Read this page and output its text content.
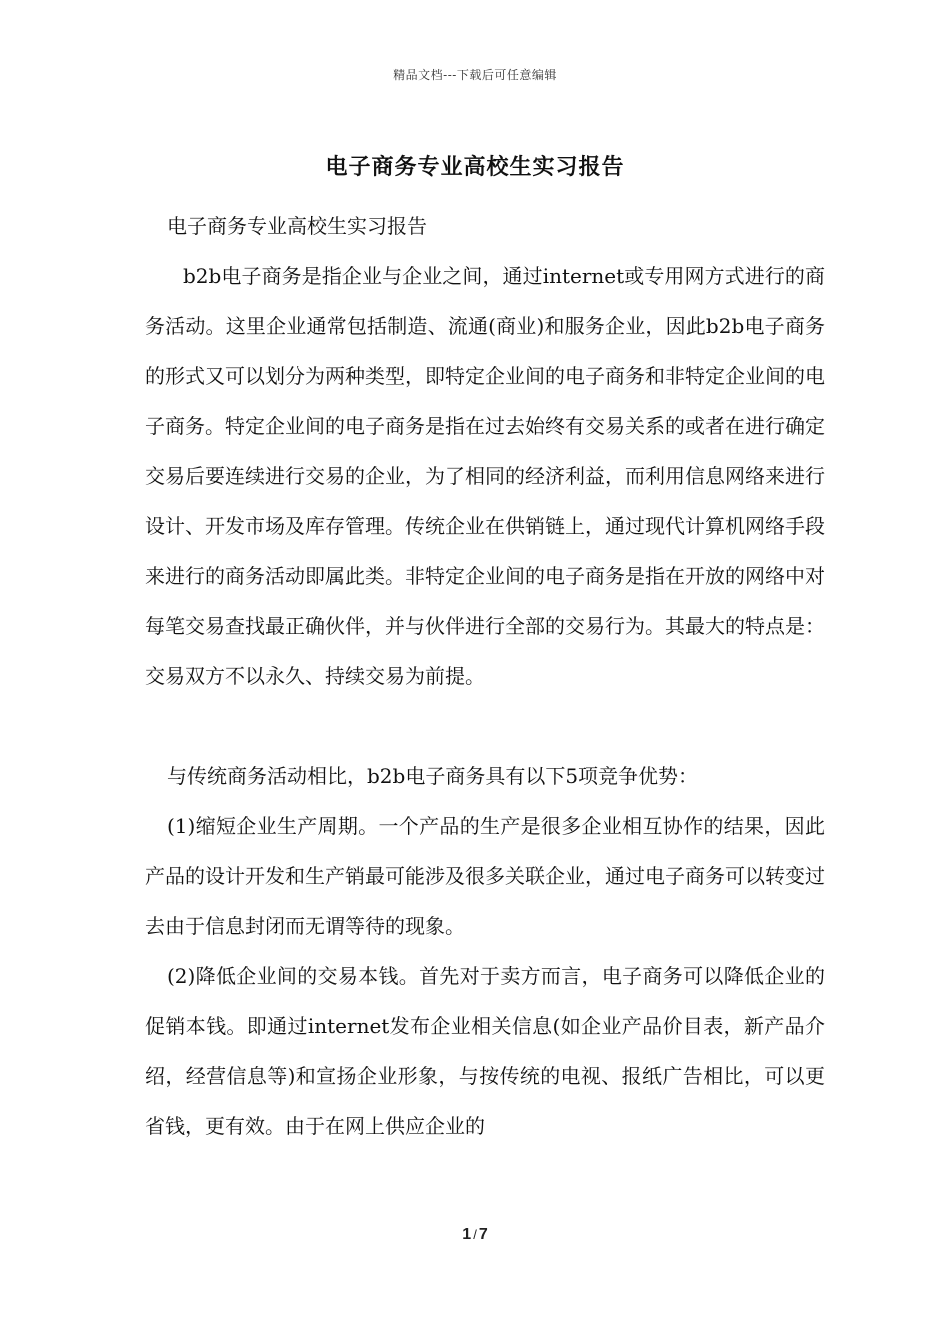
精品文档---下载后可任意编辑
电子商务专业高校生实习报告

电子商务专业高校生实习报告

b2b电子商务是指企业与企业之间，通过internet或专用网方式进行的商务活动。这里企业通常包括制造、流通(商业)和服务企业，因此b2b电子商务的形式又可以划分为两种类型，即特定企业间的电子商务和非特定企业间的电子商务。特定企业间的电子商务是指在过去始终有交易关系的或者在进行确定交易后要连续进行交易的企业，为了相同的经济利益，而利用信息网络来进行设计、开发市场及库存管理。传统企业在供销链上，通过现代计算机网络手段来进行的商务活动即属此类。非特定企业间的电子商务是指在开放的网络中对每笔交易查找最正确伙伴，并与伙伴进行全部的交易行为。其最大的特点是：交易双方不以永久、持续交易为前提。

与传统商务活动相比，b2b电子商务具有以下5项竞争优势：

(1)缩短企业生产周期。一个产品的生产是很多企业相互协作的结果，因此产品的设计开发和生产销最可能涉及很多关联企业，通过电子商务可以转变过去由于信息封闭而无谓等待的现象。

(2)降低企业间的交易本钱。首先对于卖方而言，电子商务可以降低企业的促销本钱。即通过internet发布企业相关信息(如企业产品价目表，新产品介绍，经营信息等)和宣扬企业形象，与按传统的电视、报纸广告相比，可以更省钱，更有效。由于在网上供应企业的

1 / 7
